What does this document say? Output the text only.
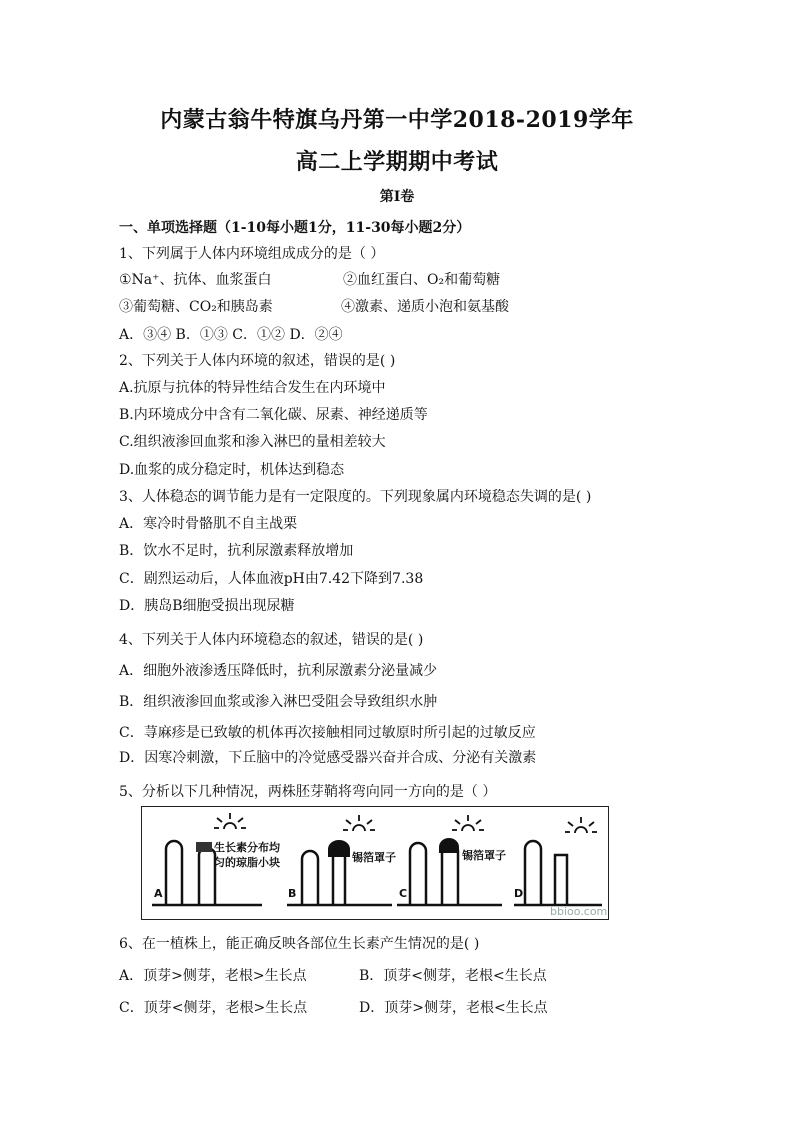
内蒙古翁牛特旗乌丹第一中学2018-2019学年
高二上学期期中考试
第Ⅰ卷
一、单项选择题（1-10每小题1分，11-30每小题2分）
1、下列属于人体内环境组成成分的是（ ）
①Na⁺、抗体、血浆蛋白	②血红蛋白、O₂和葡萄糖
③葡萄糖、CO₂和胰岛素	④激素、递质小泡和氨基酸
A．③④ B．①③ C．①② D．②④
2、下列关于人体内环境的叙述，错误的是( )
A.抗原与抗体的特异性结合发生在内环境中
B.内环境成分中含有二氧化碳、尿素、神经递质等
C.组织液渗回血浆和渗入淋巴的量相差较大
D.血浆的成分稳定时，机体达到稳态
3、人体稳态的调节能力是有一定限度的。下列现象属内环境稳态失调的是( )
A．寒冷时骨骼肌不自主战栗
B．饮水不足时，抗利尿激素释放增加
C．剧烈运动后，人体血液pH由7.42下降到7.38
D．胰岛B细胞受损出现尿糖
4、下列关于人体内环境稳态的叙述，错误的是( )
A．细胞外液渗透压降低时，抗利尿激素分泌量减少
B．组织液渗回血浆或渗入淋巴受阻会导致组织水肿
C．荨麻疹是已致敏的机体再次接触相同过敏原时所引起的过敏反应
D．因寒冷刺激，下丘脑中的冷觉感受器兴奋并合成、分泌有关激素
5、分析以下几种情况，两株胚芽鞘将弯向同一方向的是（ ）
生长素分布均
匀的琼脂小块	锡箔罩子	锡箔罩子
A	B	C	D
bbioo.com
6、在一植株上，能正确反映各部位生长素产生情况的是( )
A．顶芽>侧芽，老根>生长点	B．顶芽<侧芽，老根<生长点
C．顶芽<侧芽，老根>生长点	D．顶芽>侧芽，老根<生长点
